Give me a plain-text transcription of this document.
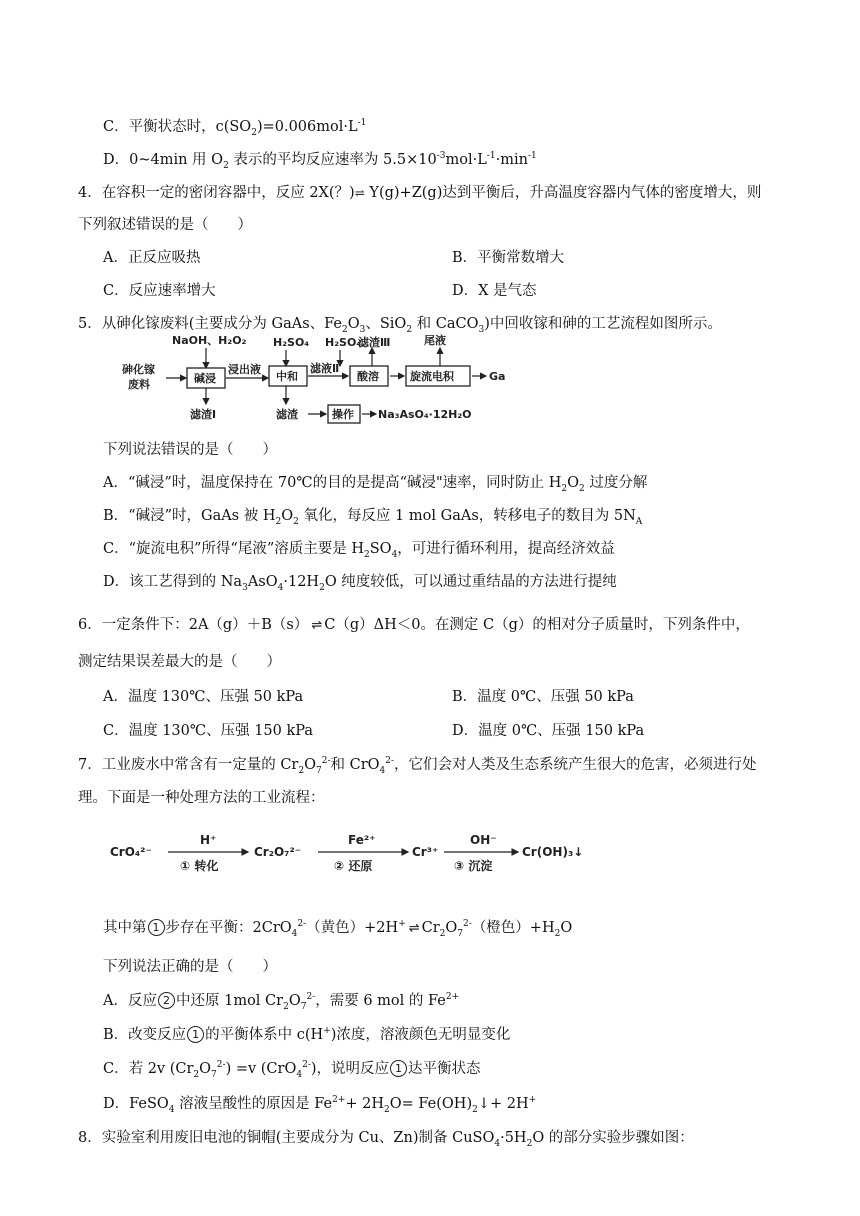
C．平衡状态时，$c(SO_2)=0.006mol\cdot L^{-1}$
D．0~4min 用 $O_2$ 表示的平均反应速率为 $5.5\times 10^{-3}mol\cdot L^{-1}\cdot\min^{-1}$
4．在容积一定的密闭容器中，反应 2X(？)⇌ Y(g)+Z(g)达到平衡后，升高温度容器内气体的密度增大，则
下列叙述错误的是（　　）
A．正反应吸热	B．平衡常数增大
C．反应速率增大	D．X 是气态
5．从砷化镓废料(主要成分为 GaAs、$Fe_2O_3$、SiO$_2$ 和 CaCO$_3$)中回收镓和砷的工艺流程如图所示。
砷化镓
废料
NaOH、H₂O₂
碱浸
滤渣Ⅰ
浸出液
H₂SO₄
中和
滤渣
滤液Ⅱ
H₂SO₄
滤渣Ⅲ
酸溶
尾液
旋流电积	Ga
操作 Na₃AsO₄·12H₂O
下列说法错误的是（　　）
A．“碱浸”时，温度保持在 70℃的目的是提高“碱浸"速率，同时防止 $H_2O_2$ 过度分解
B．“碱浸”时，GaAs 被 $H_2O_2$ 氧化，每反应 1 mol GaAs，转移电子的数目为 $5N_A$
C．“旋流电积”所得“尾液”溶质主要是 $H_2SO_4$，可进行循环利用，提高经济效益
D．该工艺得到的 $Na_3AsO_4\cdot 12H_2O$ 纯度较低，可以通过重结晶的方法进行提纯
6．一定条件下：2A（g）＋B（s） ⇌ C（g）ΔH＜0。在测定 C（g）的相对分子质量时，下列条件中，
测定结果误差最大的是（　　）
A．温度 130℃、压强 50 kPa	B．温度 0℃、压强 50 kPa
C．温度 130℃、压强 150 kPa	D．温度 0℃、压强 150 kPa
7．工业废水中常含有一定量的 $Cr_2O_7^{2-}$和 CrO$_4^{2-}$，它们会对人类及生态系统产生很大的危害，必须进行处
理。下面是一种处理方法的工业流程：
CrO₄²⁻
H⁺
① 转化
Cr₂O₇²⁻
Fe²⁺
② 还原
Cr³⁺
OH⁻
③ 沉淀
Cr(OH)₃↓
其中第 1 步存在平衡：2CrO$_4^{2-}$（黄色）+2H+ ⇌ $Cr_2O_7^{2-}$（橙色）$+H_2O$
下列说法正确的是（　　）
A．反应 2 中还原 1mol $Cr_2O_7^{2-}$，需要 6 mol 的 $Fe^{2+}$
B．改变反应 1 的平衡体系中 c(H+)浓度，溶液颜色无明显变化
C．若 2v $(Cr_2O_7^{2-}) =v$ (CrO$_4^{2-}$)，说明反应 1 达平衡状态
D．FeSO$_4$ 溶液呈酸性的原因是 $Fe^{2+}+ 2H_2O=$ $Fe(OH)_2↓+ 2H^+$
8．实验室利用废旧电池的铜帽(主要成分为 Cu、Zn)制备 $CuSO_4\cdot 5H_2O$ 的部分实验步骤如图：
